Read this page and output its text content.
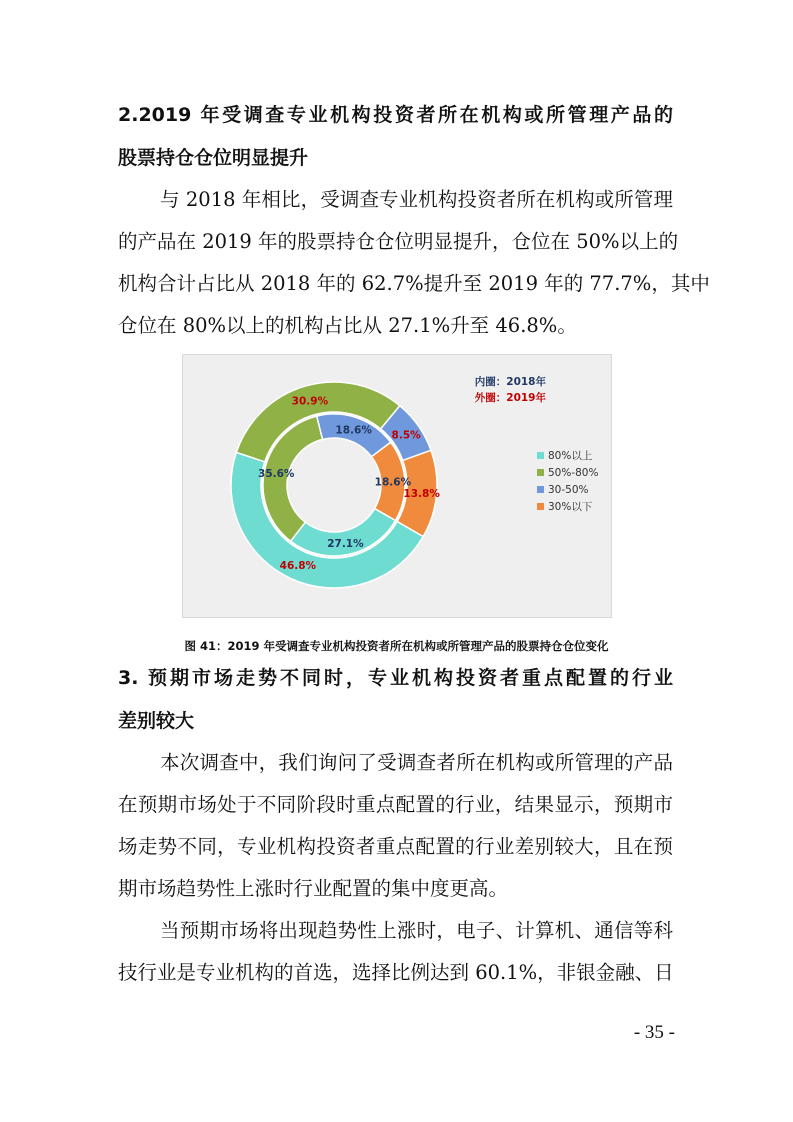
2.2019 年受调查专业机构投资者所在机构或所管理产品的
股票持仓仓位明显提升
与 2018 年相比，受调查专业机构投资者所在机构或所管理
的产品在 2019 年的股票持仓仓位明显提升，仓位在 50%以上的
机构合计占比从 2018 年的 62.7%提升至 2019 年的 77.7%，其中
仓位在 80%以上的机构占比从 27.1%升至 46.8%。
46.8%
30.9%
8.5%
13.8%
27.1%
35.6%
18.6%
18.6%
内圈：2018年
外圈：2019年
80%以上
50%-80%
30-50%
30%以下
图 41：2019 年受调查专业机构投资者所在机构或所管理产品的股票持仓仓位变化
3. 预期市场走势不同时，专业机构投资者重点配置的行业
差别较大
本次调查中，我们询问了受调查者所在机构或所管理的产品
在预期市场处于不同阶段时重点配置的行业，结果显示，预期市
场走势不同，专业机构投资者重点配置的行业差别较大，且在预
期市场趋势性上涨时行业配置的集中度更高。
当预期市场将出现趋势性上涨时，电子、计算机、通信等科
技行业是专业机构的首选，选择比例达到 60.1%，非银金融、日
- 35 -
